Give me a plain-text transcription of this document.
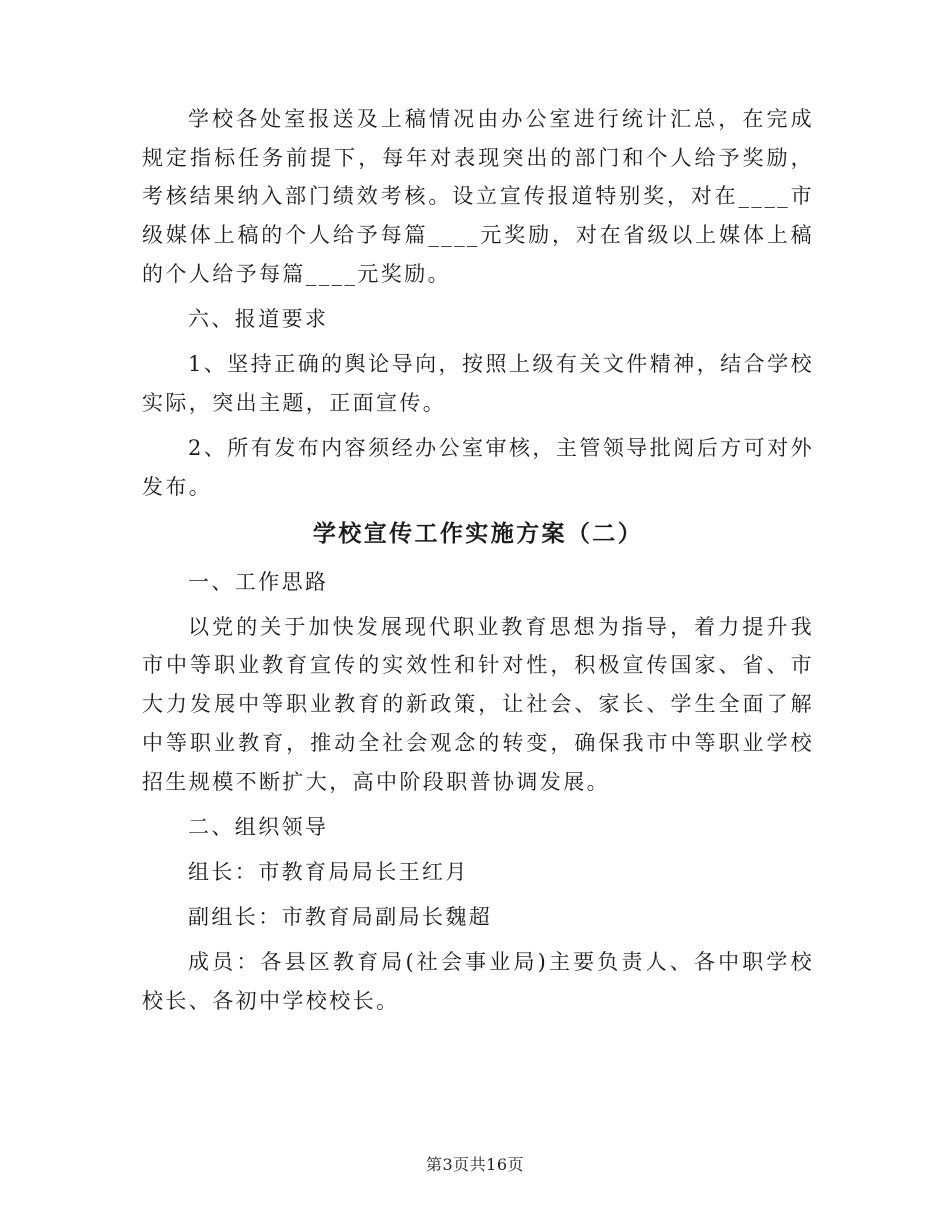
学校各处室报送及上稿情况由办公室进行统计汇总，在完成规定指标任务前提下，每年对表现突出的部门和个人给予奖励，考核结果纳入部门绩效考核。设立宣传报道特别奖，对在____市级媒体上稿的个人给予每篇____元奖励，对在省级以上媒体上稿的个人给予每篇____元奖励。

六、报道要求

1、坚持正确的舆论导向，按照上级有关文件精神，结合学校实际，突出主题，正面宣传。

2、所有发布内容须经办公室审核，主管领导批阅后方可对外发布。

学校宣传工作实施方案（二）

一、工作思路

以党的关于加快发展现代职业教育思想为指导，着力提升我市中等职业教育宣传的实效性和针对性，积极宣传国家、省、市大力发展中等职业教育的新政策，让社会、家长、学生全面了解中等职业教育，推动全社会观念的转变，确保我市中等职业学校招生规模不断扩大，高中阶段职普协调发展。

二、组织领导

组长：市教育局局长王红月

副组长：市教育局副局长魏超

成员：各县区教育局(社会事业局)主要负责人、各中职学校校长、各初中学校校长。

第3页共16页
